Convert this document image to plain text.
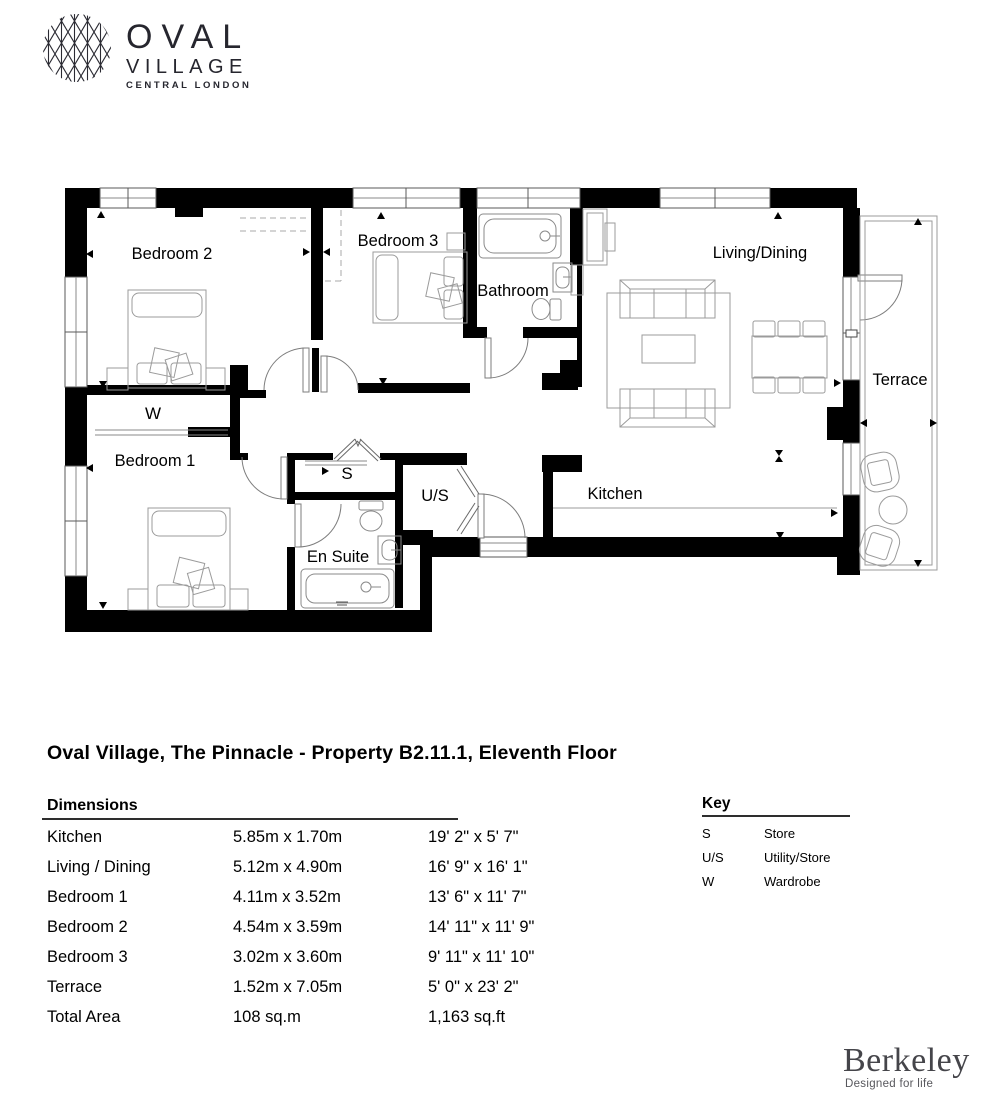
OVAL
VILLAGE
CENTRAL LONDON
Bedroom 2
Bedroom 3
Bathroom
Living/Dining
Terrace
W
Bedroom 1
S
U/S
En Suite
Kitchen
Oval Village, The Pinnacle - Property B2.11.1, Eleventh Floor
Dimensions
Kitchen	5.85m x 1.70m	19' 2" x 5' 7"
Living / Dining	5.12m x 4.90m	16' 9" x 16' 1"
Bedroom 1	4.11m x 3.52m	13' 6" x 11' 7"
Bedroom 2	4.54m x 3.59m	14' 11" x 11' 9"
Bedroom 3	3.02m x 3.60m	9' 11" x 11' 10"
Terrace	1.52m x 7.05m	5' 0" x 23' 2"
Total Area	108 sq.m	1,163 sq.ft
Key
S	Store
U/S	Utility/Store
W	Wardrobe
Berkeley
Designed for life
